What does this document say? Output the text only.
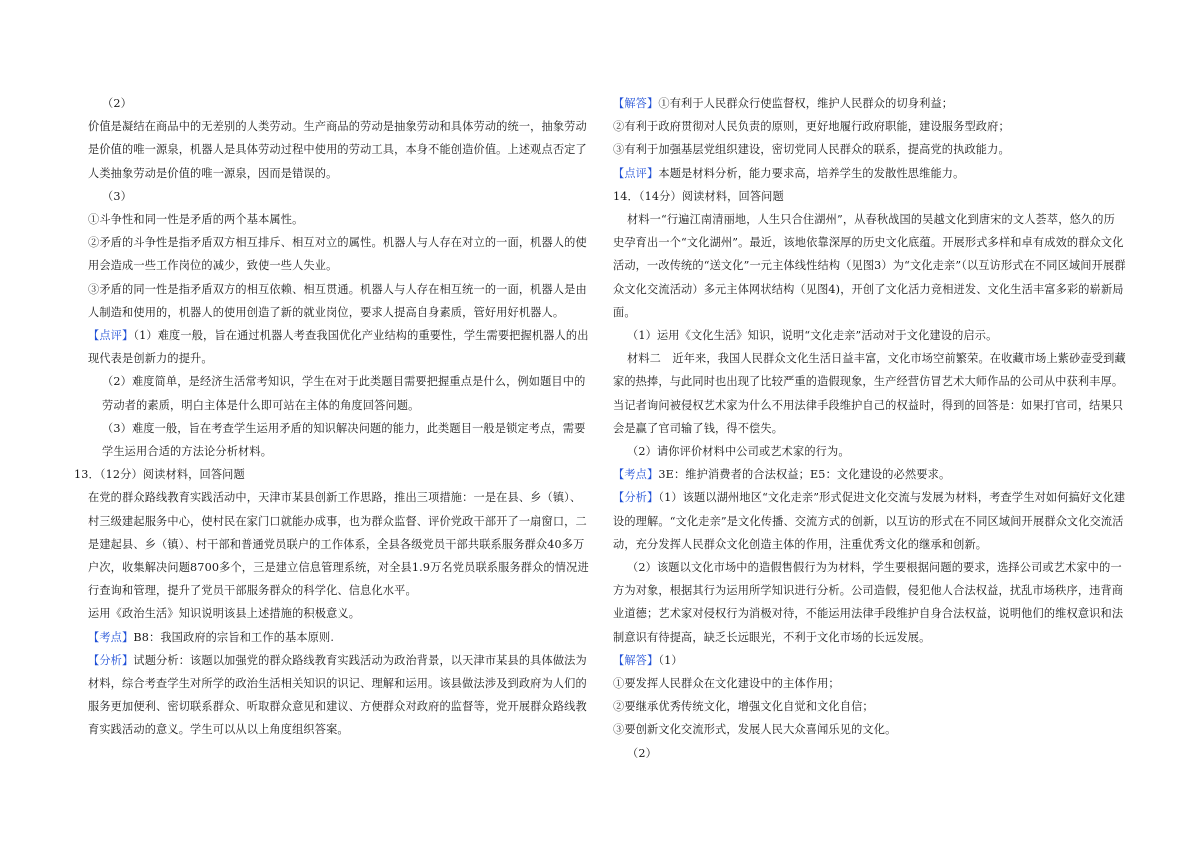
（2）

价值是凝结在商品中的无差别的人类劳动。生产商品的劳动是抽象劳动和具体劳动的统一，抽象劳动是价值的唯一源泉，机器人是具体劳动过程中使用的劳动工具，本身不能创造价值。上述观点否定了人类抽象劳动是价值的唯一源泉，因而是错误的。

（3）

①斗争性和同一性是矛盾的两个基本属性。

②矛盾的斗争性是指矛盾双方相互排斥、相互对立的属性。机器人与人存在对立的一面，机器人的使用会造成一些工作岗位的减少，致使一些人失业。

③矛盾的同一性是指矛盾双方的相互依赖、相互贯通。机器人与人存在相互统一的一面，机器人是由人制造和使用的，机器人的使用创造了新的就业岗位，要求人提高自身素质，管好用好机器人。

【点评】（1）难度一般，旨在通过机器人考查我国优化产业结构的重要性，学生需要把握机器人的出现代表是创新力的提升。

（2）难度简单，是经济生活常考知识，学生在对于此类题目需要把握重点是什么，例如题目中的劳动者的素质，明白主体是什么即可站在主体的角度回答问题。

（3）难度一般，旨在考查学生运用矛盾的知识解决问题的能力，此类题目一般是锁定考点，需要学生运用合适的方法论分析材料。

13．（12分）阅读材料，回答问题

在党的群众路线教育实践活动中，天津市某县创新工作思路，推出三项措施：一是在县、乡（镇）、村三级建起服务中心，使村民在家门口就能办成事，也为群众监督、评价党政干部开了一扇窗口，二是建起县、乡（镇）、村干部和普通党员联户的工作体系，全县各级党员干部共联系服务群众40多万户次，收集解决问题8700多个，三是建立信息管理系统，对全县1.9万名党员联系服务群众的情况进行查询和管理，提升了党员干部服务群众的科学化、信息化水平。

运用《政治生活》知识说明该县上述措施的积极意义。

【考点】B8：我国政府的宗旨和工作的基本原则.

【分析】试题分析：该题以加强党的群众路线教育实践活动为政治背景，以天津市某县的具体做法为材料，综合考查学生对所学的政治生活相关知识的识记、理解和运用。该县做法涉及到政府为人们的服务更加便利、密切联系群众、听取群众意见和建议、方便群众对政府的监督等，党开展群众路线教育实践活动的意义。学生可以从以上角度组织答案。

【解答】①有利于人民群众行使监督权，维护人民群众的切身利益；

②有利于政府贯彻对人民负责的原则，更好地履行政府职能，建设服务型政府；

③有利于加强基层党组织建设，密切党同人民群众的联系，提高党的执政能力。

【点评】本题是材料分析，能力要求高，培养学生的发散性思维能力。

14．（14分）阅读材料，回答问题

材料一“行遍江南清丽地，人生只合住湖州”，从春秋战国的吴越文化到唐宋的文人荟萃，悠久的历史孕育出一个“文化湖州”。最近，该地依靠深厚的历史文化底蕴。开展形式多样和卓有成效的群众文化活动，一改传统的“送文化”一元主体线性结构（见图3）为“文化走亲”（以互访形式在不同区域间开展群众文化交流活动）多元主体网状结构（见图4)，开创了文化活力竞相迸发、文化生活丰富多彩的崭新局面。

（1）运用《文化生活》知识，说明“文化走亲”活动对于文化建设的启示。

材料二　近年来，我国人民群众文化生活日益丰富，文化市场空前繁荣。在收藏市场上紫砂壶受到藏家的热捧，与此同时也出现了比较严重的造假现象，生产经营仿冒艺术大师作品的公司从中获利丰厚。当记者询问被侵权艺术家为什么不用法律手段维护自己的权益时，得到的回答是：如果打官司，结果只会是赢了官司输了钱，得不偿失。

（2）请你评价材料中公司或艺术家的行为。

【考点】3E：维护消费者的合法权益；E5：文化建设的必然要求。

【分析】（1）该题以湖州地区“文化走亲”形式促进文化交流与发展为材料，考查学生对如何搞好文化建设的理解。“文化走亲”是文化传播、交流方式的创新，以互访的形式在不同区域间开展群众文化交流活动，充分发挥人民群众文化创造主体的作用，注重优秀文化的继承和创新。

（2）该题以文化市场中的造假售假行为为材料，学生要根据问题的要求，选择公司或艺术家中的一方为对象，根据其行为运用所学知识进行分析。公司造假，侵犯他人合法权益，扰乱市场秩序，违背商业道德；艺术家对侵权行为消极对待，不能运用法律手段维护自身合法权益，说明他们的维权意识和法制意识有待提高，缺乏长远眼光，不利于文化市场的长远发展。

【解答】（1）

①要发挥人民群众在文化建设中的主体作用；

②要继承优秀传统文化，增强文化自觉和文化自信；

③要创新文化交流形式，发展人民大众喜闻乐见的文化。

（2）
